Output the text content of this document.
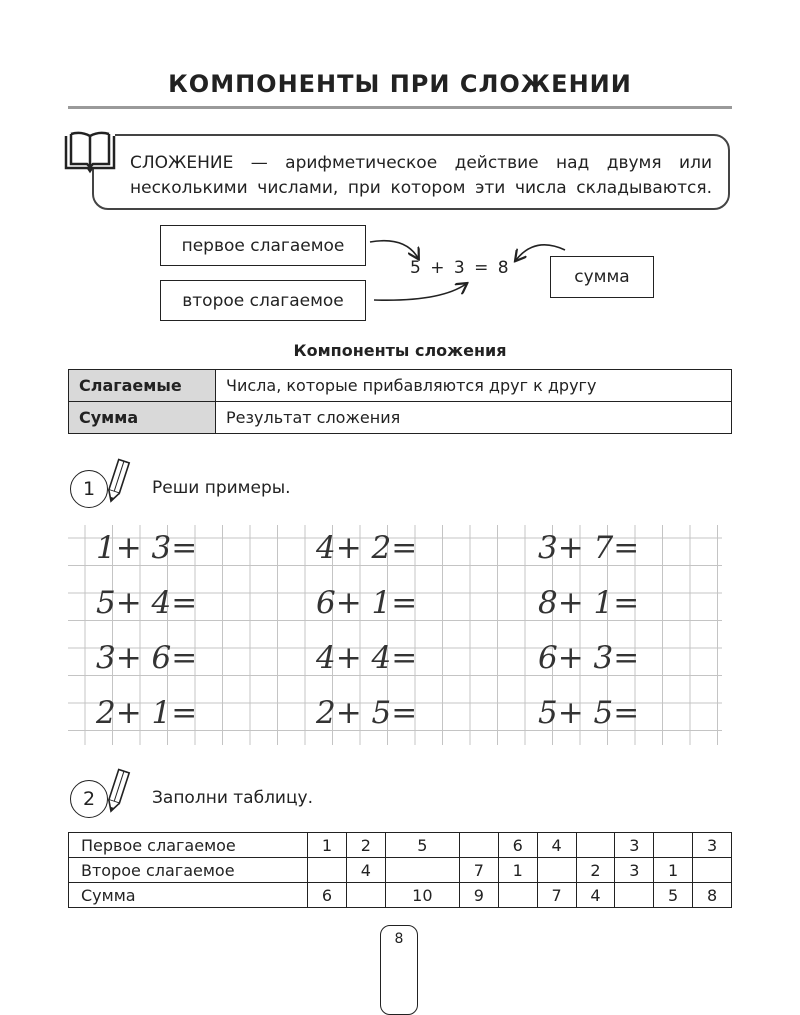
КОМПОНЕНТЫ ПРИ СЛОЖЕНИИ
СЛОЖЕНИЕ — арифметическое действие над двумя или несколькими числами, при котором эти числа складываются.
первое слагаемое
второе слагаемое
5 + 3 = 8	сумма
Компоненты сложения
Слагаемые	Числа, которые прибавляются друг к другу
Сумма	Результат сложения
1	Реши примеры.
1+ 3=	4+ 2=	3+ 7=
5+ 4=	6+ 1=	8+ 1=
3+ 6=	4+ 4=	6+ 3=
2+ 1=	2+ 5=	5+ 5=
2	Заполни таблицу.
Первое слагаемое	1	2	5		6	4		3		3
Второе слагаемое		4		7	1		2	3	1	
Сумма	6		10	9		7	4		5	8
8
